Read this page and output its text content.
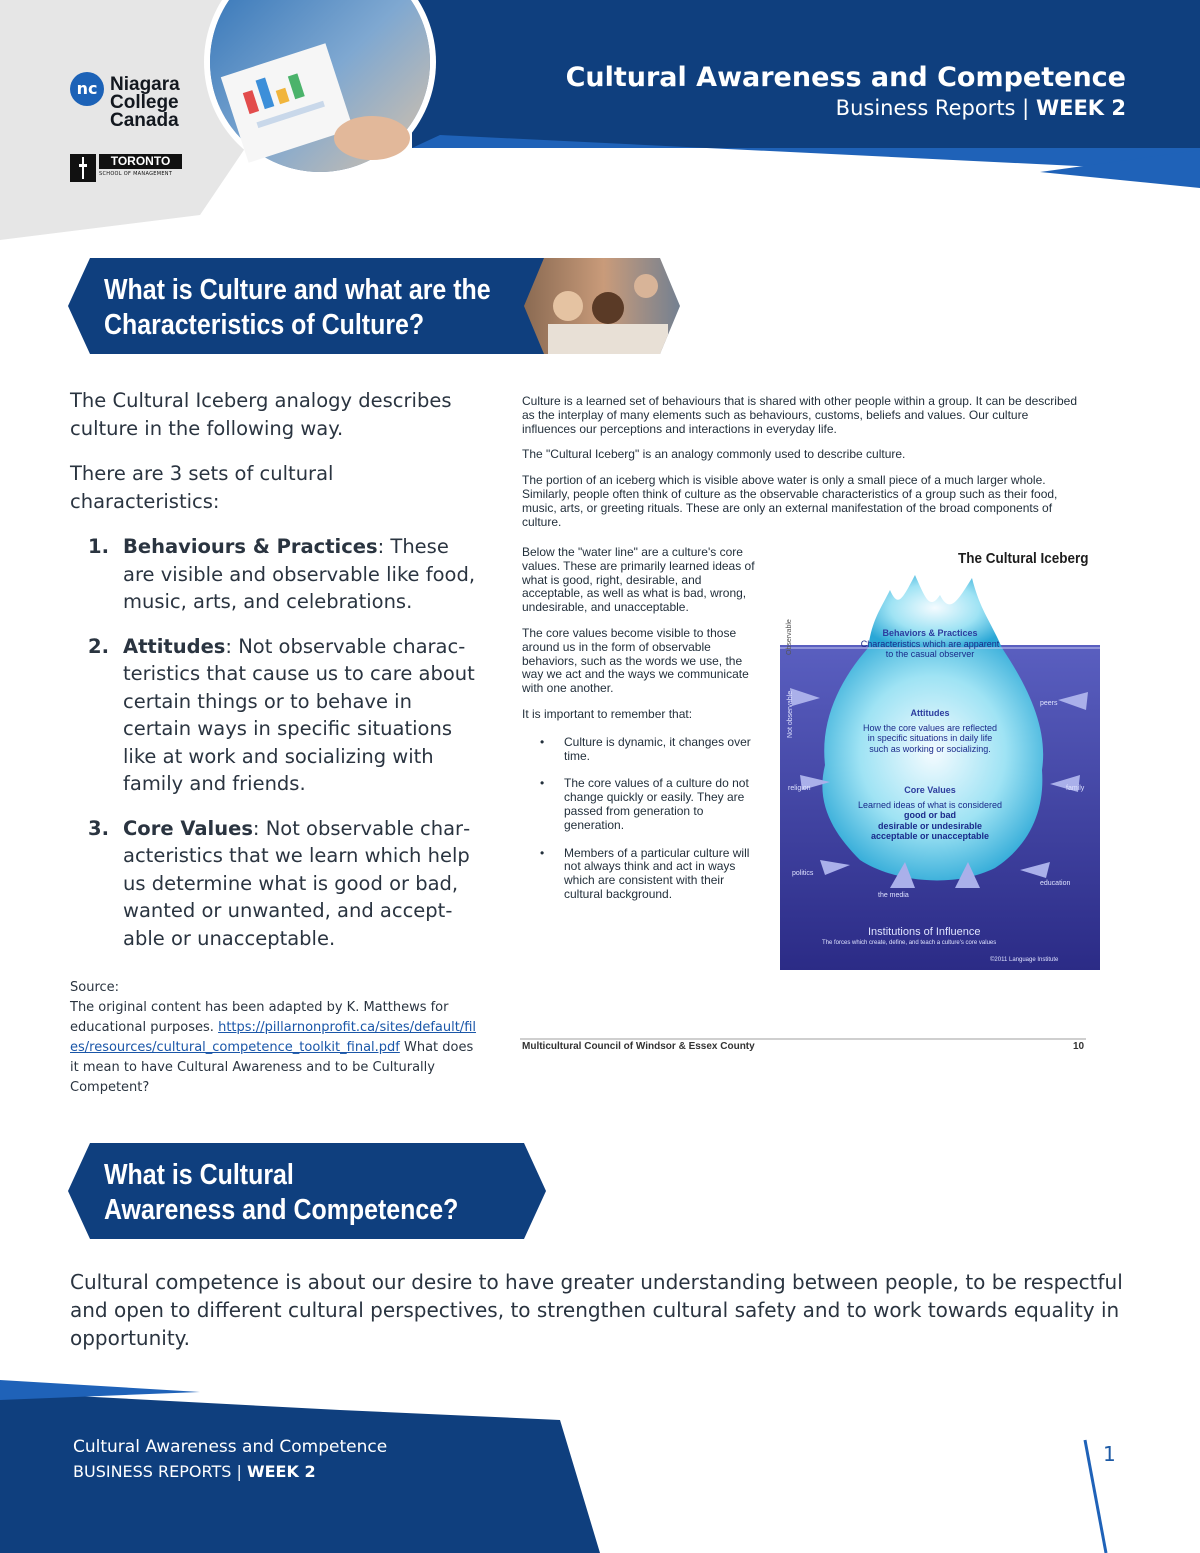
nc Niagara
College
Canada
TORONTO
SCHOOL OF MANAGEMENT
Cultural Awareness and Competence
Business Reports | WEEK 2
What is Culture and what are the
Characteristics of Culture?

The Cultural Iceberg analogy describes culture in the following way.

There are 3 sets of cultural characteristics:

1. Behaviours & Practices: These are visible and observable like food, music, arts, and celebrations.
2. Attitudes: Not observable characteristics that cause us to care about certain things or to behave in certain ways in specific situations like at work and socializing with family and friends.
3. Core Values: Not observable characteristics that we learn which help us determine what is good or bad, wanted or unwanted, and acceptable or unacceptable.
Source:
The original content has been adapted by K. Matthews for educational purposes. https://pillarnonprofit.ca/sites/default/files/resources/cultural_competence_toolkit_final.pdf What does it mean to have Cultural Awareness and to be Culturally Competent?

Culture is a learned set of behaviours that is shared with other people within a group. It can be described as the interplay of many elements such as behaviours, customs, beliefs and values. Our culture influences our perceptions and interactions in everyday life.

The "Cultural Iceberg" is an analogy commonly used to describe culture.

The portion of an iceberg which is visible above water is only a small piece of a much larger whole. Similarly, people often think of culture as the observable characteristics of a group such as their food, music, arts, or greeting rituals. These are only an external manifestation of the broad components of culture.

Below the "water line" are a culture's core values. These are primarily learned ideas of what is good, right, desirable, and acceptable, as well as what is bad, wrong, undesirable, and unacceptable.

The core values become visible to those around us in the form of observable behaviors, such as the words we use, the way we act and the ways we communicate with one another.

It is important to remember that:

• Culture is dynamic, it changes over time.
• The core values of a culture do not change quickly or easily. They are passed from generation to generation.
• Members of a particular culture will not always think and act in ways which are consistent with their cultural background.
The Cultural Iceberg
Behaviors & Practices
Characteristics which are apparent to the casual observer
Attitudes
How the core values are reflected in specific situations in daily life such as working or socializing.
Core Values
Learned ideas of what is considered
good or bad
desirable or undesirable
acceptable or unacceptable
Observable
Not observable
religion	family
the media
education
peers
politics
Institutions of Influence
The forces which create, define, and teach a culture's core values
©2011 Language Institute
Multicultural Council of Windsor & Essex County	10
What is Cultural
Awareness and Competence?
Cultural competence is about our desire to have greater understanding between people, to be respectful and open to different cultural perspectives, to strengthen cultural safety and to work towards equality in opportunity.
Cultural Awareness and Competence
BUSINESS REPORTS | WEEK 2
1
